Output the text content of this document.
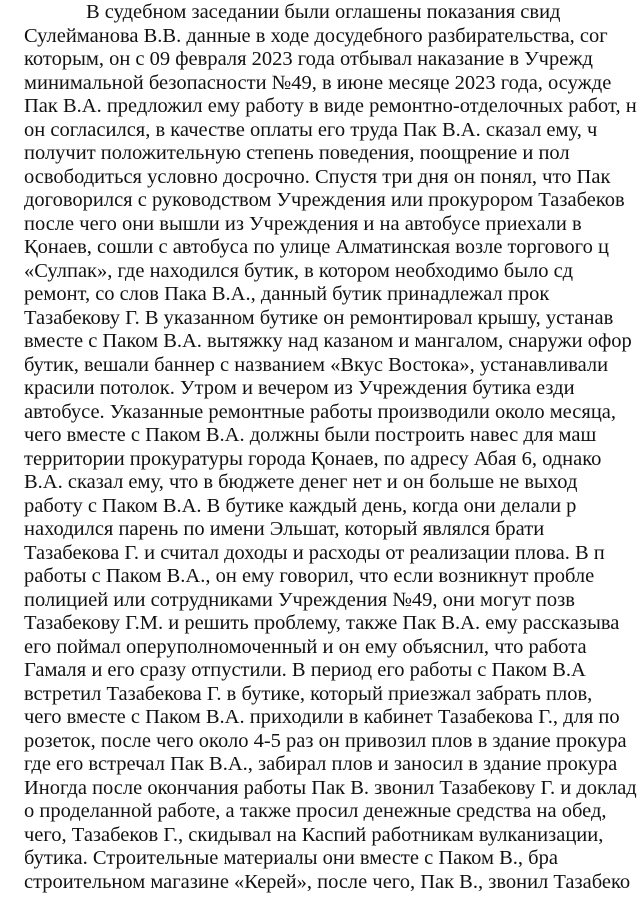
В судебном заседании были оглашены показания свид
Сулейманова В.В. данные в ходе досудебного разбирательства, сог
которым, он с 09 февраля 2023 года отбывал наказание в Учрежд
минимальной безопасности №49, в июне месяце 2023 года, осужде
Пак В.А. предложил ему работу в виде ремонтно-отделочных работ, н
он согласился, в качестве оплаты его труда Пак В.А. сказал ему, ч
получит положительную степень поведения, поощрение и пол
освободиться условно досрочно. Спустя три дня он понял, что Пак
договорился с руководством Учреждения или прокурором Тазабеков
после чего они вышли из Учреждения и на автобусе приехали в
Қонаев, сошли с автобуса по улице Алматинская возле торгового ц
«Сулпак», где находился бутик, в котором необходимо было сд
ремонт, со слов Пака В.А., данный бутик принадлежал прок
Тазабекову Г. В указанном бутике он ремонтировал крышу, устанав
вместе с Паком В.А. вытяжку над казаном и мангалом, снаружи офор
бутик, вешали баннер с названием «Вкус Востока», устанавливали
красили потолок. Утром и вечером из Учреждения бутика езди
автобусе. Указанные ремонтные работы производили около месяца,
чего вместе с Паком В.А. должны были построить навес для маш
территории прокуратуры города Қонаев, по адресу Абая 6, однако
В.А. сказал ему, что в бюджете денег нет и он больше не выход
работу с Паком В.А. В бутике каждый день, когда они делали р
находился парень по имени Эльшат, который являлся брати
Тазабекова Г. и считал доходы и расходы от реализации плова. В п
работы с Паком В.А., он ему говорил, что если возникнут пробле
полицией или сотрудниками Учреждения №49, они могут позв
Тазабекову Г.М. и решить проблему, также Пак В.А. ему рассказыва
его поймал оперуполномоченный и он ему объяснил, что работа
Гамаля и его сразу отпустили. В период его работы с Паком В.А
встретил Тазабекова Г. в бутике, который приезжал забрать плов,
чего вместе с Паком В.А. приходили в кабинет Тазабекова Г., для по
розеток, после чего около 4-5 раз он привозил плов в здание прокура
где его встречал Пак В.А., забирал плов и заносил в здание прокура
Иногда после окончания работы Пак В. звонил Тазабекову Г. и доклад
о проделанной работе, а также просил денежные средства на обед,
чего, Тазабеков Г., скидывал на Каспий работникам вулканизации,
бутика. Строительные материалы они вместе с Паком В., бра
строительном магазине «Керей», после чего, Пак В., звонил Тазабеко
